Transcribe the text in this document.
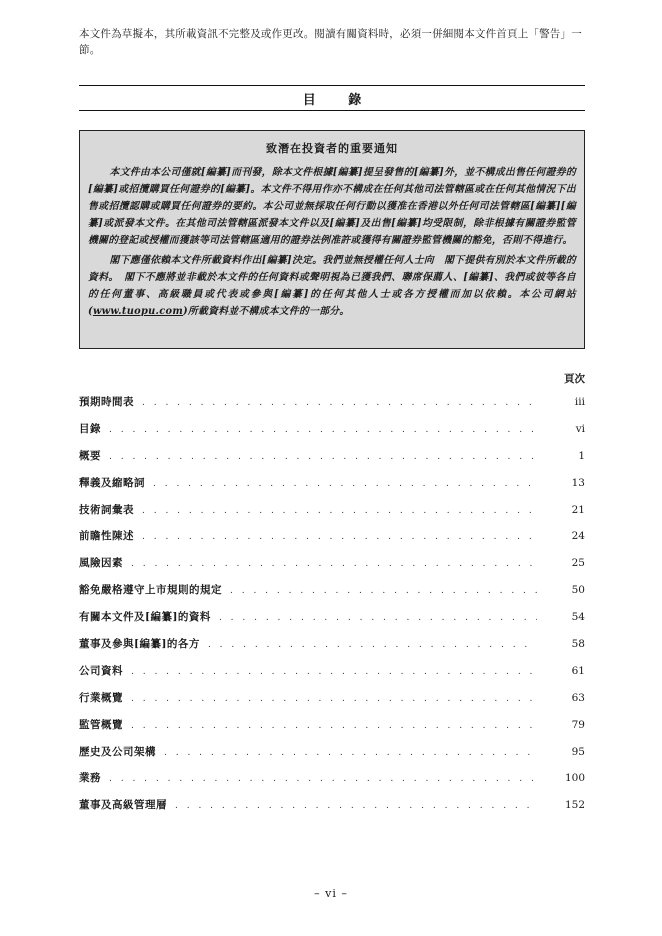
本文件為草擬本，其所載資訊不完整及或作更改。閱讀有關資料時，必須一併細閱本文件首頁上「警告」一節。
目 錄
致潛在投資者的重要通知

本文件由本公司僅就[編纂]而刊發，除本文件根據[編纂]提呈發售的[編纂]外，並不構成出售任何證券的[編纂]或招攬購買任何證券的[編纂]。本文件不得用作亦不構成在任何其他司法管轄區或在任何其他情況下出售或招攬認購或購買任何證券的要約。本公司並無採取任何行動以獲准在香港以外任何司法管轄區[編纂][編纂]或派發本文件。在其他司法管轄區派發本文件以及[編纂]及出售[編纂]均受限制，除非根據有關證券監管機關的登記或授權而獲該等司法管轄區適用的證券法例准許或獲得有關證券監管機關的豁免，否則不得進行。

閣下應僅依賴本文件所載資料作出[編纂]決定。我們並無授權任何人士向　閣下提供有別於本文件所載的資料。　閣下不應將並非載於本文件的任何資料或聲明視為已獲我們、聯席保薦人、[編纂]、我們或彼等各自的任何董事、高級職員或代表或參與[編纂]的任何其他人士或各方授權而加以依賴。本公司網站(www.tuopu.com)所載資料並不構成本文件的一部分。

頁次
預期時間表 . . .	iii
目錄 . . .	vi
概要 . . .	1
釋義及縮略詞 . . .	13
技術詞彙表 . . .	21
前瞻性陳述 . . .	24
風險因素 . . .	25
豁免嚴格遵守上市規則的規定 . . .	50
有關本文件及[編纂]的資料 . . .	54
董事及參與[編纂]的各方 . . .	58
公司資料 . . .	61
行業概覽 . . .	63
監管概覽 . . .	79
歷史及公司架構 . . .	95
業務 . . .	100
董事及高級管理層 . . .	152
– vi –
